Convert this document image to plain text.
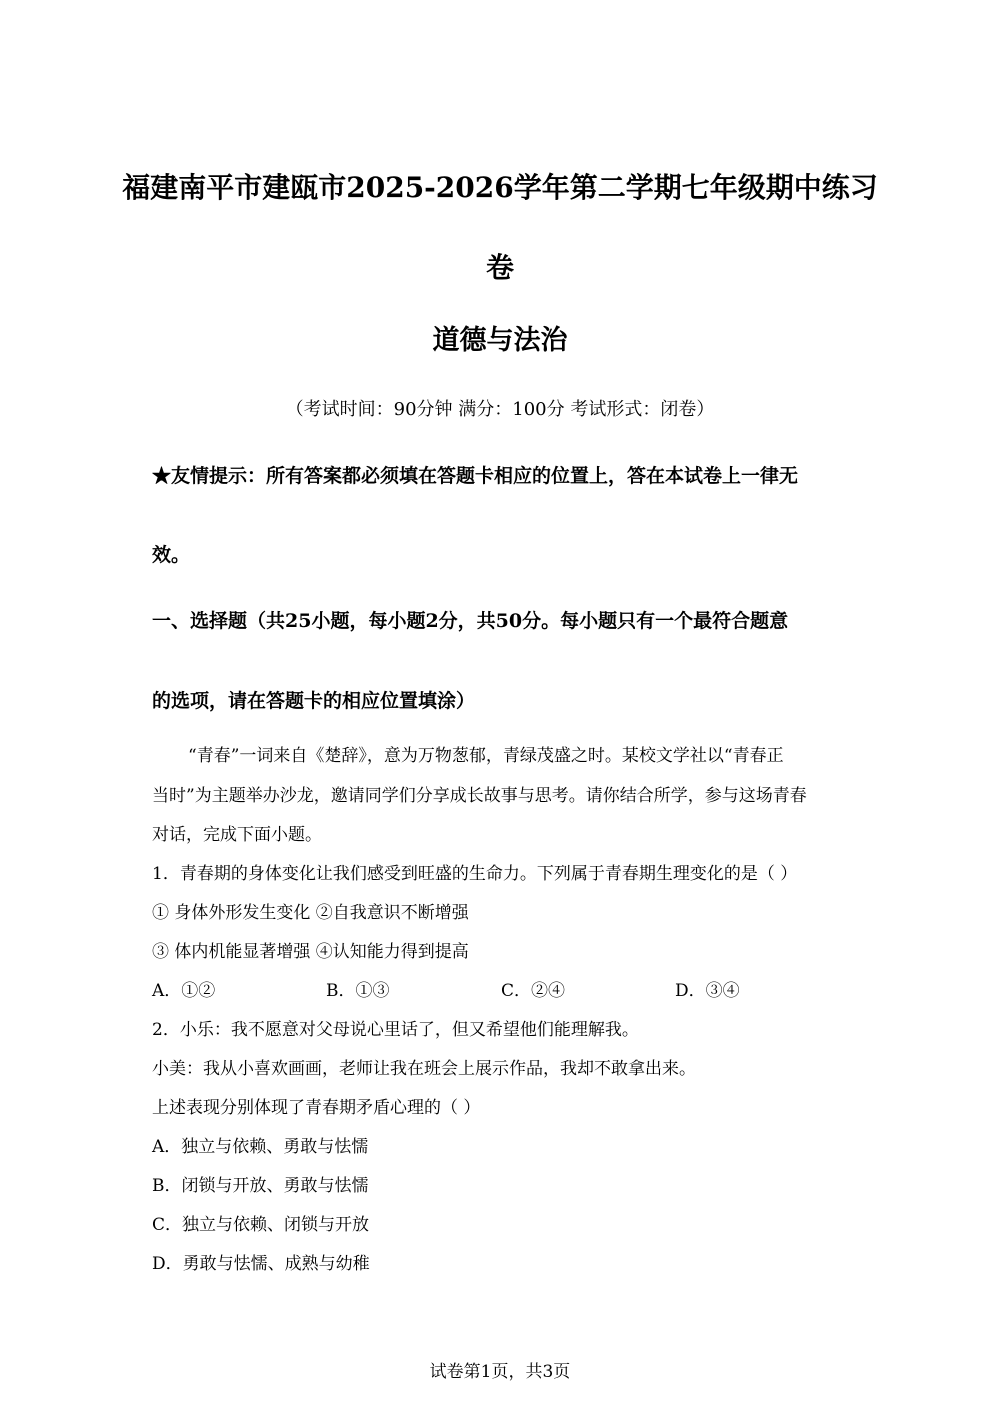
福建南平市建瓯市2025-2026学年第二学期七年级期中练习
卷
道德与法治
（考试时间：90分钟 满分：100分 考试形式：闭卷）
★友情提示：所有答案都必须填在答题卡相应的位置上，答在本试卷上一律无
效。
一、选择题（共25小题，每小题2分，共50分。每小题只有一个最符合题意
的选项，请在答题卡的相应位置填涂）
“青春”一词来自《楚辞》，意为万物葱郁，青绿茂盛之时。某校文学社以“青春正
当时”为主题举办沙龙，邀请同学们分享成长故事与思考。请你结合所学，参与这场青春
对话，完成下面小题。
1．青春期的身体变化让我们感受到旺盛的生命力。下列属于青春期生理变化的是（ ）
① 身体外形发生变化 ②自我意识不断增强
③ 体内机能显著增强 ④认知能力得到提高
A．①②	B．①③	C．②④	D．③④
2．小乐：我不愿意对父母说心里话了，但又希望他们能理解我。
小美：我从小喜欢画画，老师让我在班会上展示作品，我却不敢拿出来。
上述表现分别体现了青春期矛盾心理的（ ）
A．独立与依赖、勇敢与怯懦
B．闭锁与开放、勇敢与怯懦
C．独立与依赖、闭锁与开放
D．勇敢与怯懦、成熟与幼稚
试卷第1页，共3页
